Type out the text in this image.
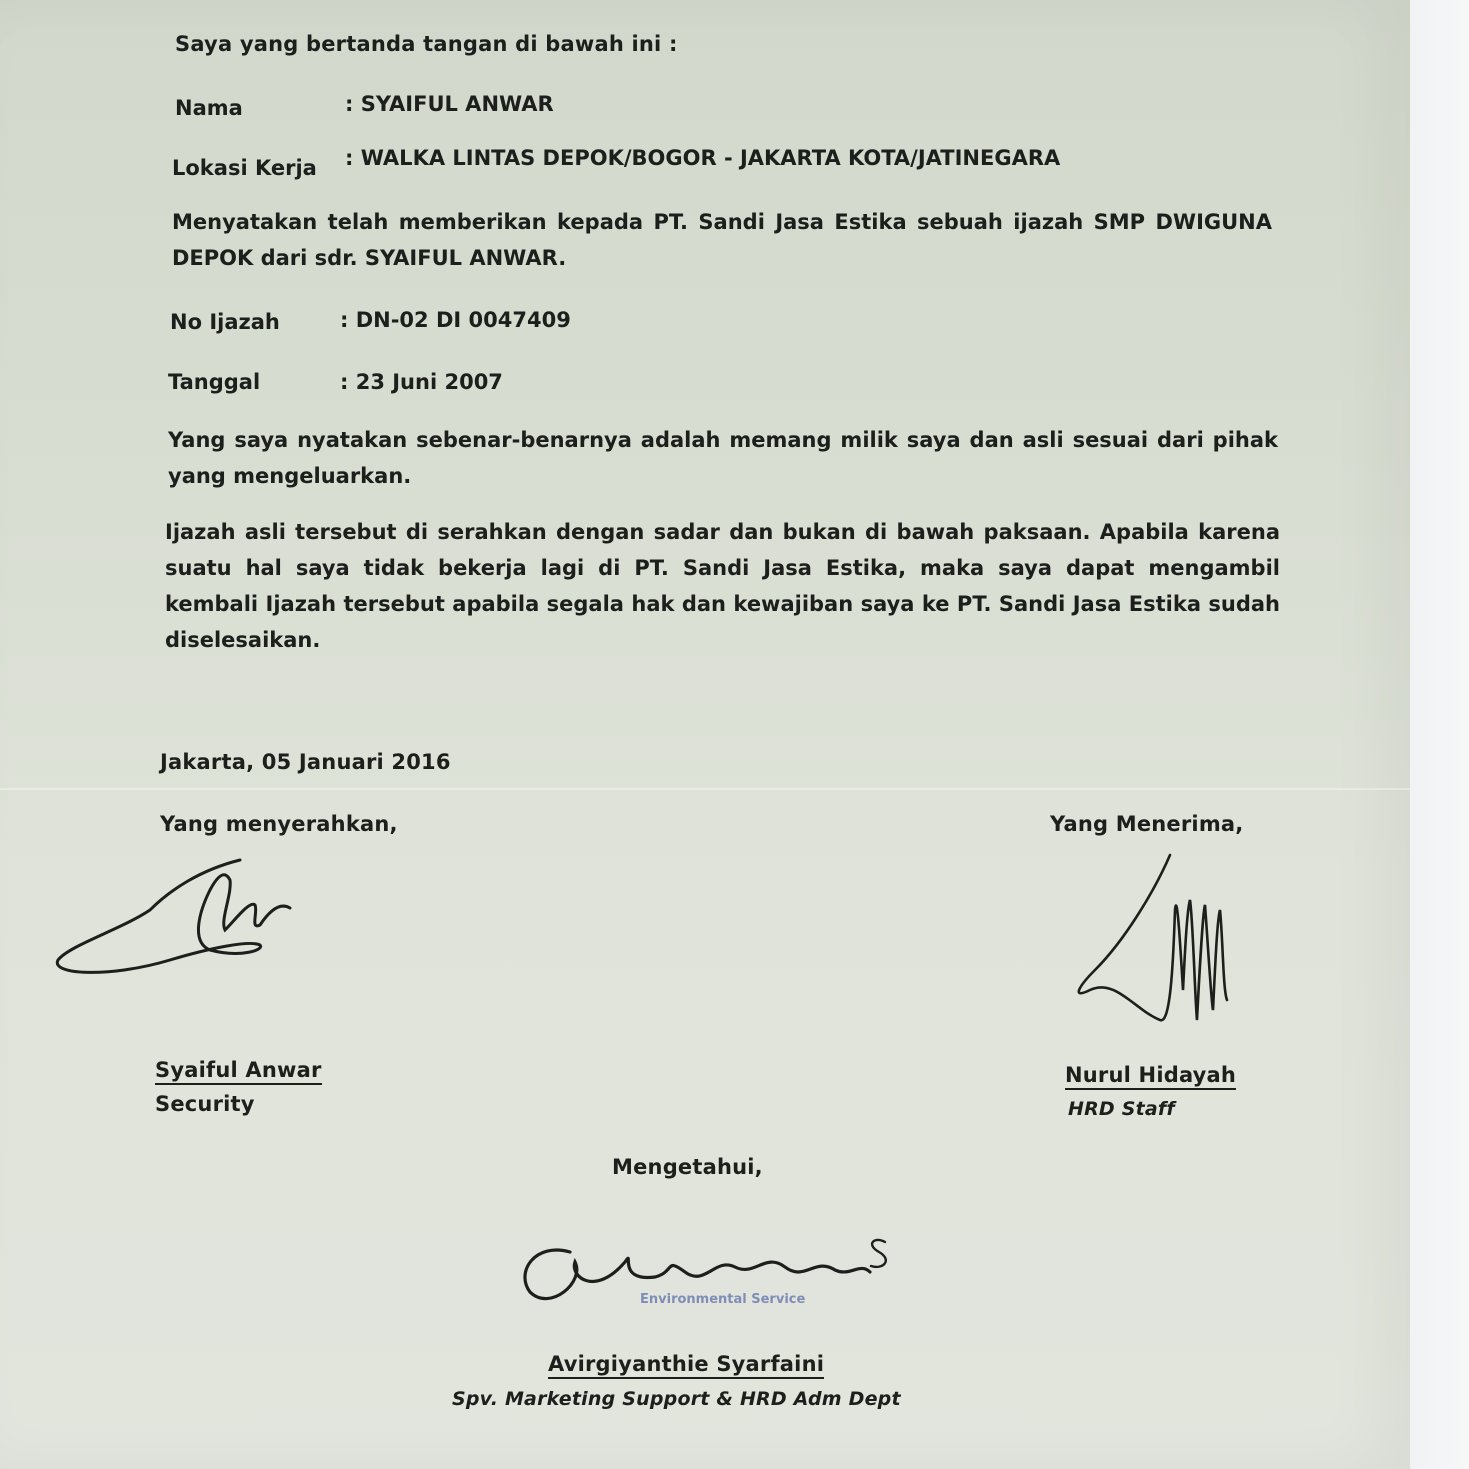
Saya yang bertanda tangan di bawah ini :
Nama	: SYAIFUL ANWAR
Lokasi Kerja : WALKA LINTAS DEPOK/BOGOR - JAKARTA KOTA/JATINEGARA
Menyatakan telah memberikan kepada PT. Sandi Jasa Estika sebuah ijazah SMP DWIGUNA DEPOK dari sdr. SYAIFUL ANWAR.
No Ijazah	: DN-02 DI 0047409
Tanggal	: 23 Juni 2007
Yang saya nyatakan sebenar-benarnya adalah memang milik saya dan asli sesuai dari pihak yang mengeluarkan.
Ijazah asli tersebut di serahkan dengan sadar dan bukan di bawah paksaan. Apabila karena suatu hal saya tidak bekerja lagi di PT. Sandi Jasa Estika, maka saya dapat mengambil kembali Ijazah tersebut apabila segala hak dan kewajiban saya ke PT. Sandi Jasa Estika sudah diselesaikan.
Jakarta, 05 Januari 2016
Yang menyerahkan,	Yang Menerima,
Syaiful Anwar
Security
Nurul Hidayah
HRD Staff
Mengetahui,
Environmental Service
Avirgiyanthie Syarfaini
Spv. Marketing Support & HRD Adm Dept
